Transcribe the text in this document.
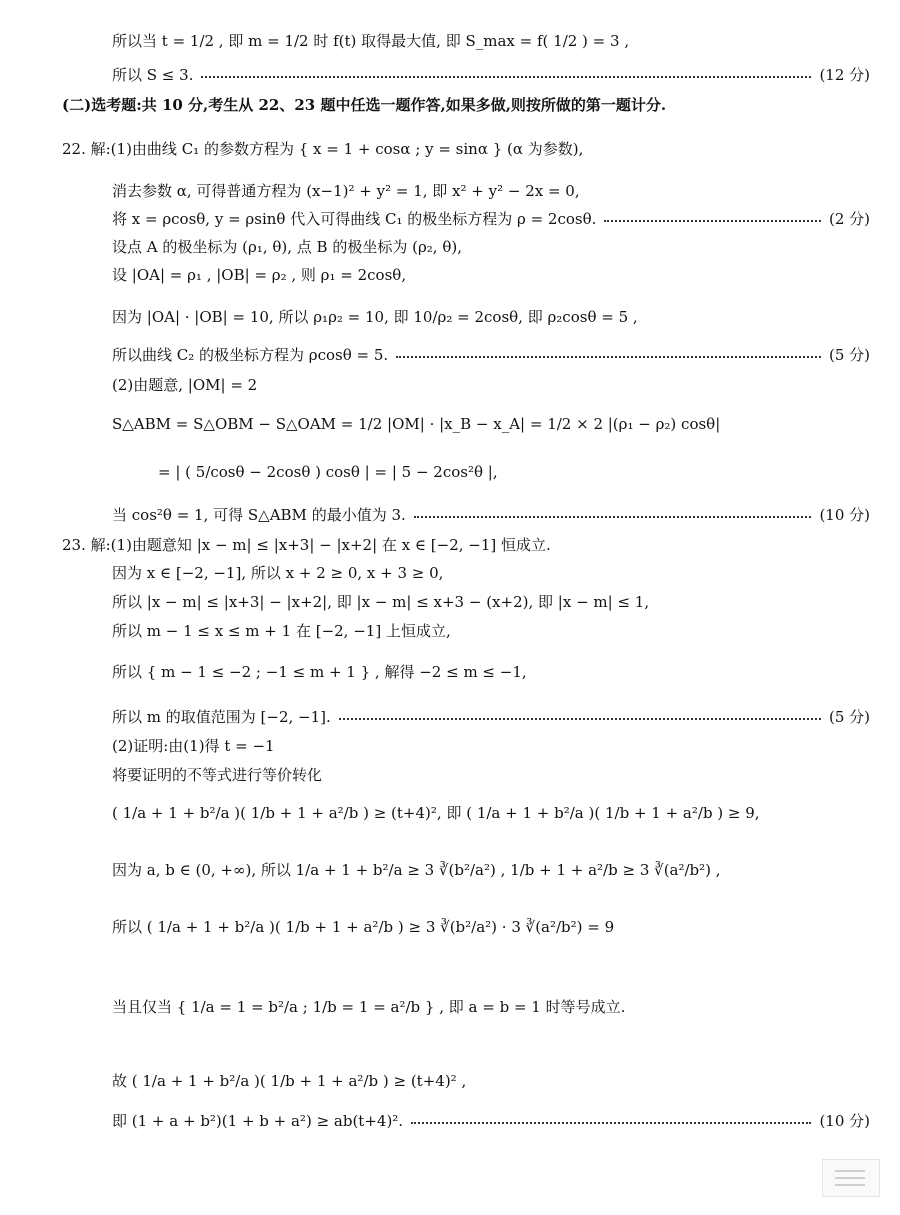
所以当 t = 1/2 , 即 m = 1/2 时 f(t) 取得最大值, 即 S_max = f( 1/2 ) = 3 ,
所以 S ≤ 3.	(12 分)
(二)选考题:共 10 分,考生从 22、23 题中任选一题作答,如果多做,则按所做的第一题计分.
22. 解:(1)由曲线 C₁ 的参数方程为 { x = 1 + cosα ; y = sinα } (α 为参数),
消去参数 α, 可得普通方程为 (x−1)² + y² = 1, 即 x² + y² − 2x = 0,
将 x = ρcosθ, y = ρsinθ 代入可得曲线 C₁ 的极坐标方程为 ρ = 2cosθ.	(2 分)
设点 A 的极坐标为 (ρ₁, θ), 点 B 的极坐标为 (ρ₂, θ),
设 |OA| = ρ₁ , |OB| = ρ₂ , 则 ρ₁ = 2cosθ,
因为 |OA| · |OB| = 10, 所以 ρ₁ρ₂ = 10, 即 10/ρ₂ = 2cosθ, 即 ρ₂cosθ = 5 ,
所以曲线 C₂ 的极坐标方程为 ρcosθ = 5.	(5 分)
(2)由题意, |OM| = 2
S△ABM = S△OBM − S△OAM = 1/2 |OM| · |x_B − x_A| = 1/2 × 2 |(ρ₁ − ρ₂) cosθ|
= | ( 5/cosθ − 2cosθ ) cosθ | = | 5 − 2cos²θ |,
当 cos²θ = 1, 可得 S△ABM 的最小值为 3.	(10 分)
23. 解:(1)由题意知 |x − m| ≤ |x+3| − |x+2| 在 x ∈ [−2, −1] 恒成立.
因为 x ∈ [−2, −1], 所以 x + 2 ≥ 0, x + 3 ≥ 0,
所以 |x − m| ≤ |x+3| − |x+2|, 即 |x − m| ≤ x+3 − (x+2), 即 |x − m| ≤ 1,
所以 m − 1 ≤ x ≤ m + 1 在 [−2, −1] 上恒成立,
所以 { m − 1 ≤ −2 ; −1 ≤ m + 1 } , 解得 −2 ≤ m ≤ −1,
所以 m 的取值范围为 [−2, −1].	(5 分)
(2)证明:由(1)得 t = −1
将要证明的不等式进行等价转化
( 1/a + 1 + b²/a )( 1/b + 1 + a²/b ) ≥ (t+4)², 即 ( 1/a + 1 + b²/a )( 1/b + 1 + a²/b ) ≥ 9,
因为 a, b ∈ (0, +∞), 所以 1/a + 1 + b²/a ≥ 3 ∛(b²/a²) , 1/b + 1 + a²/b ≥ 3 ∛(a²/b²) ,
所以 ( 1/a + 1 + b²/a )( 1/b + 1 + a²/b ) ≥ 3 ∛(b²/a²) · 3 ∛(a²/b²) = 9
当且仅当 { 1/a = 1 = b²/a ; 1/b = 1 = a²/b } , 即 a = b = 1 时等号成立.
故 ( 1/a + 1 + b²/a )( 1/b + 1 + a²/b ) ≥ (t+4)² ,
即 (1 + a + b²)(1 + b + a²) ≥ ab(t+4)².	(10 分)
